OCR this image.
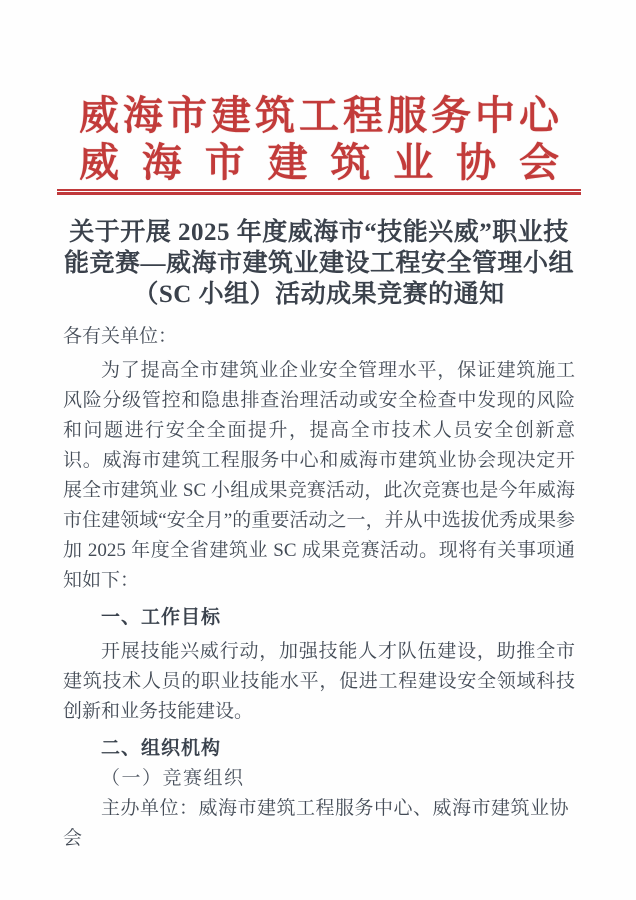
威海市建筑工程服务中心
威海市建筑业协会
关于开展 2025 年度威海市“技能兴威”职业技
能竞赛—威海市建筑业建设工程安全管理小组
（SC 小组）活动成果竞赛的通知
各有关单位：
为了提高全市建筑业企业安全管理水平，保证建筑施工风险分级管控和隐患排查治理活动或安全检查中发现的风险和问题进行安全全面提升，提高全市技术人员安全创新意识。威海市建筑工程服务中心和威海市建筑业协会现决定开展全市建筑业 SC 小组成果竞赛活动，此次竞赛也是今年威海市住建领域“安全月”的重要活动之一，并从中选拔优秀成果参加 2025 年度全省建筑业 SC 成果竞赛活动。现将有关事项通知如下：
一、工作目标
开展技能兴威行动，加强技能人才队伍建设，助推全市建筑技术人员的职业技能水平，促进工程建设安全领域科技创新和业务技能建设。
二、组织机构
（一）竞赛组织
主办单位：威海市建筑工程服务中心、威海市建筑业协会
